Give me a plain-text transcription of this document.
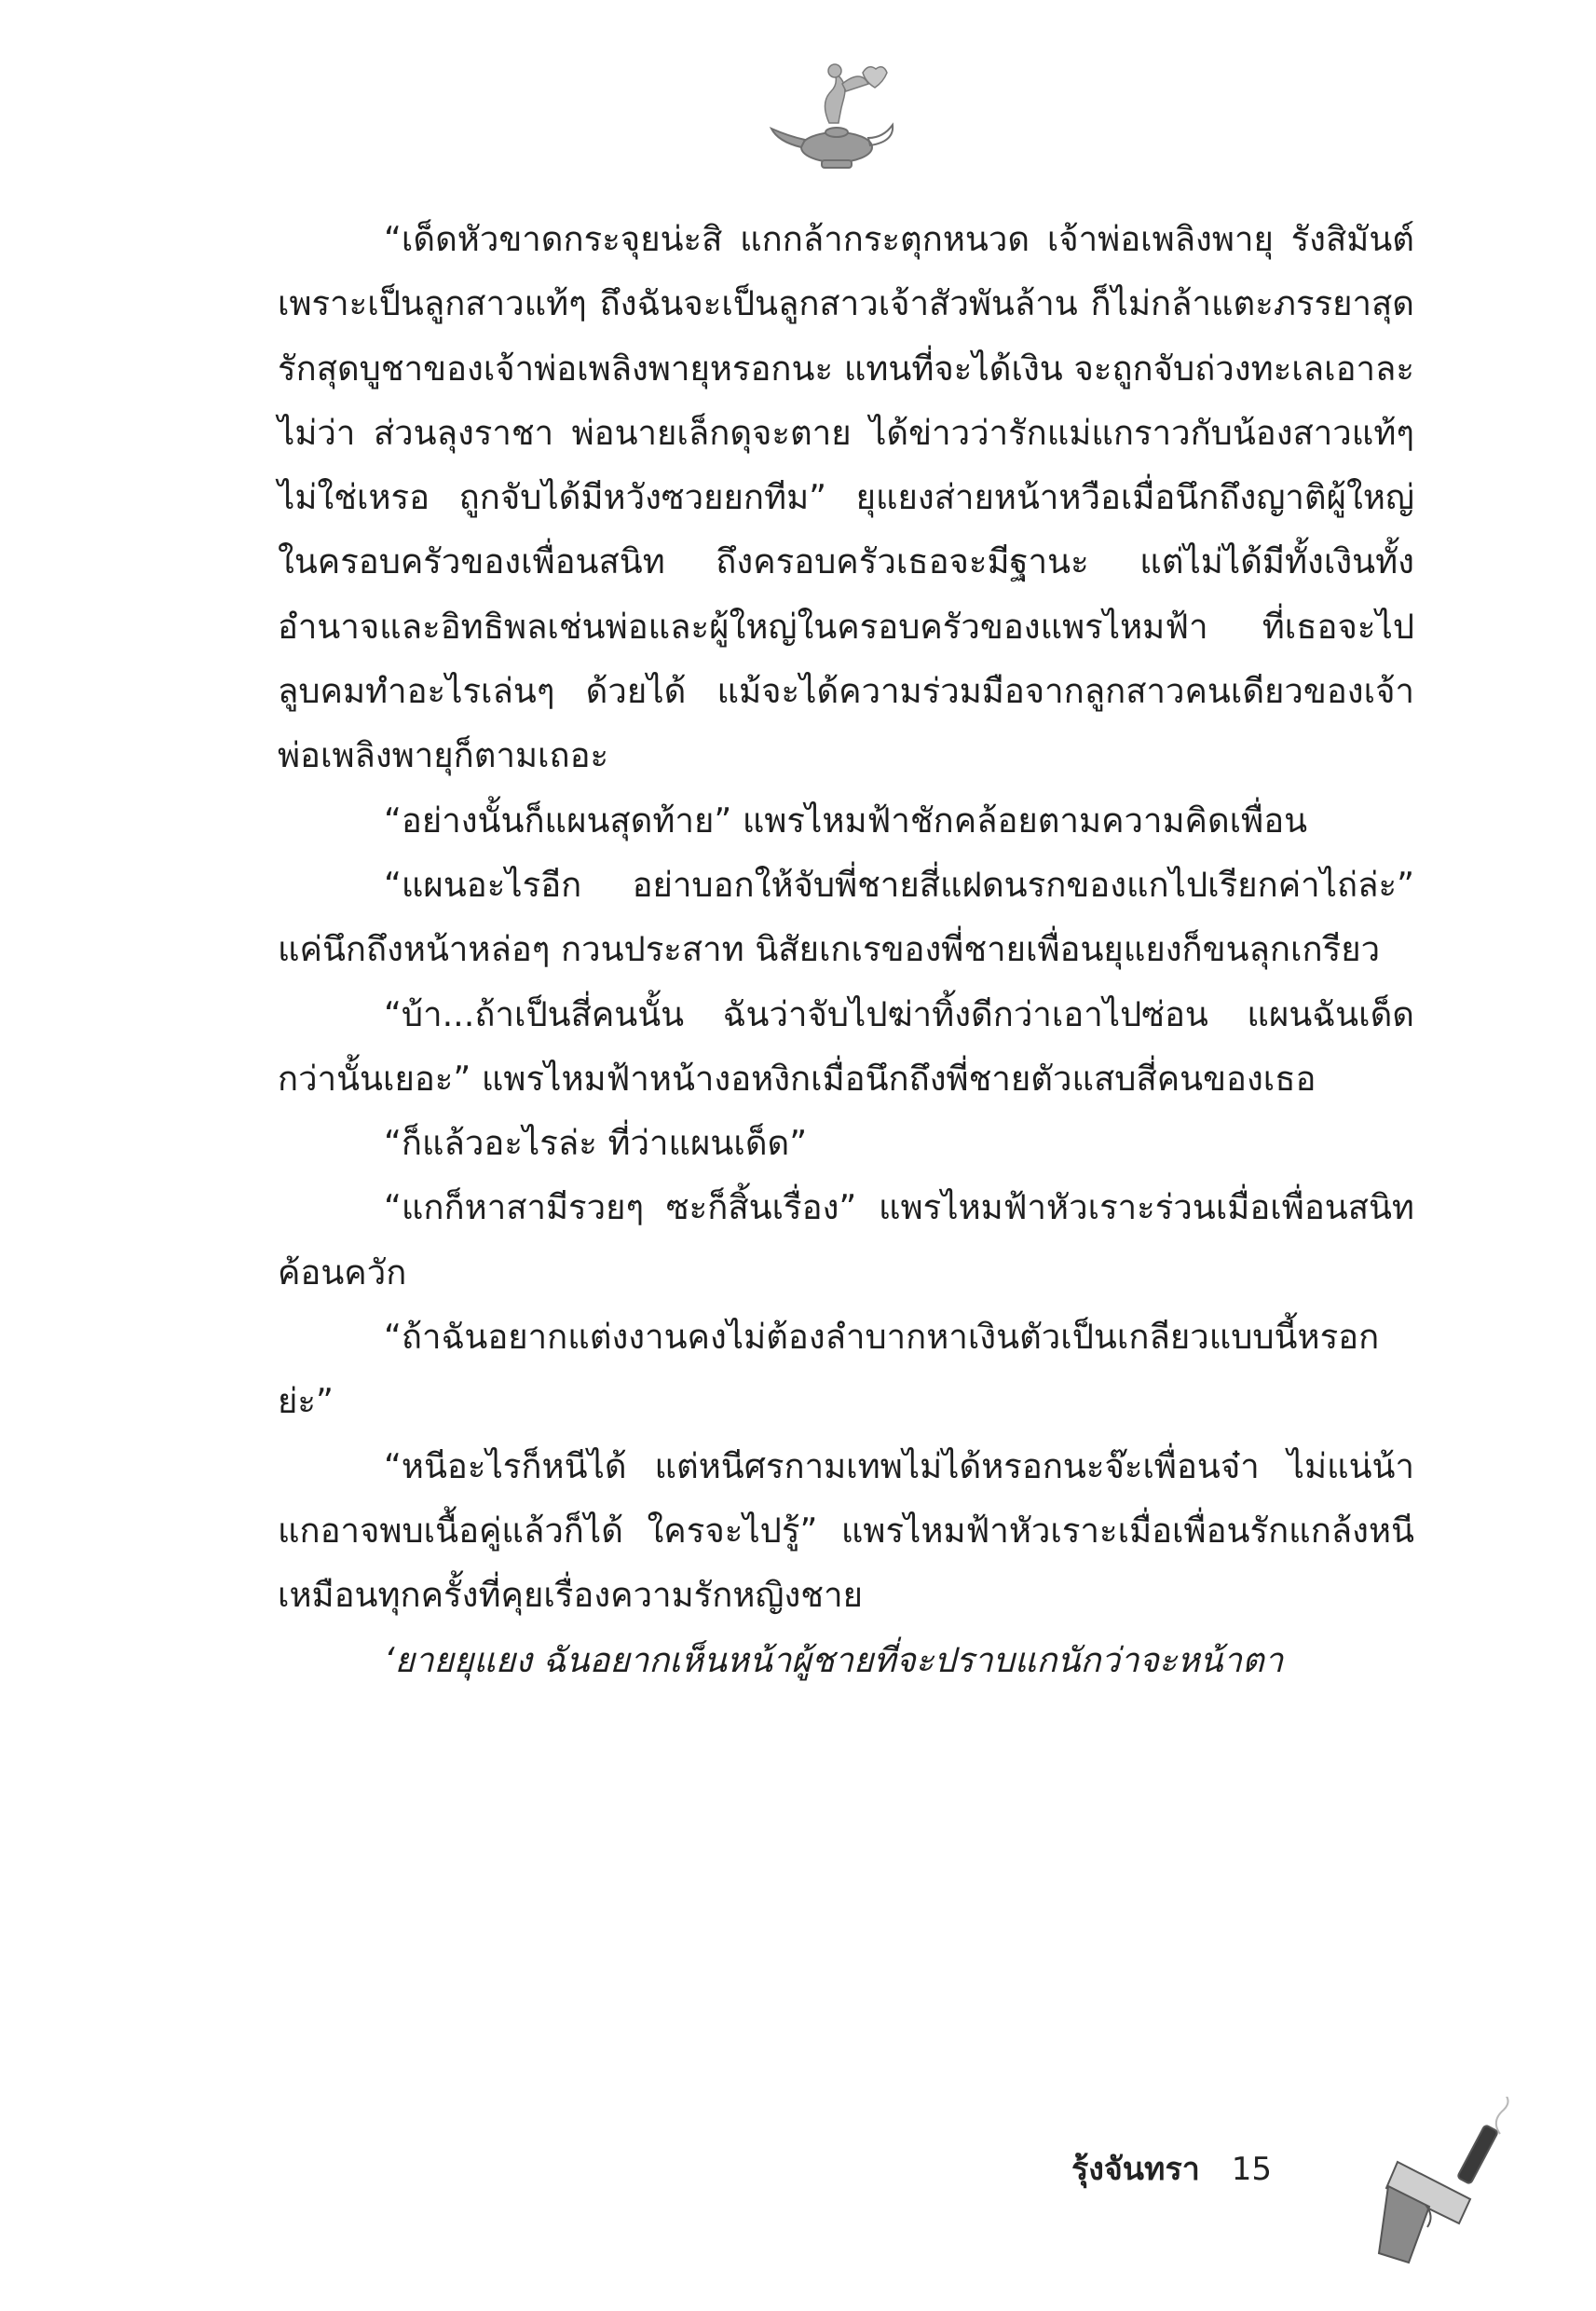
“เด็ดหัวขาดกระจุยน่ะสิ แกกล้ากระตุกหนวด เจ้าพ่อเพลิงพายุ รังสิมันต์ เพราะเป็นลูกสาวแท้ๆ ถึงฉันจะเป็นลูกสาวเจ้าสัวพันล้าน ก็ไม่กล้าแตะภรรยาสุดรักสุดบูชาของเจ้าพ่อเพลิงพายุหรอกนะ แทนที่จะได้เงิน จะถูกจับถ่วงทะเลเอาละไม่ว่า ส่วนลุงราชา พ่อนายเล็กดุจะตาย ได้ข่าวว่ารักแม่แกราวกับน้องสาวแท้ๆ ไม่ใช่เหรอ ถูกจับได้มีหวังซวยยกทีม” ยุแยงส่ายหน้าหวือเมื่อนึกถึงญาติผู้ใหญ่ในครอบครัวของเพื่อนสนิท ถึงครอบครัวเธอจะมีฐานะ แต่ไม่ได้มีทั้งเงินทั้งอำนาจและอิทธิพลเช่นพ่อและผู้ใหญ่ในครอบครัวของแพรไหมฟ้า ที่เธอจะไปลูบคมทำอะไรเล่นๆ ด้วยได้ แม้จะได้ความร่วมมือจากลูกสาวคนเดียวของเจ้าพ่อเพลิงพายุก็ตามเถอะ

“อย่างนั้นก็แผนสุดท้าย” แพรไหมฟ้าชักคล้อยตามความคิดเพื่อน

“แผนอะไรอีก อย่าบอกให้จับพี่ชายสี่แฝดนรกของแกไปเรียกค่าไถ่ล่ะ” แค่นึกถึงหน้าหล่อๆ กวนประสาท นิสัยเกเรของพี่ชายเพื่อนยุแยงก็ขนลุกเกรียว

“บ้า...ถ้าเป็นสี่คนนั้น ฉันว่าจับไปฆ่าทิ้งดีกว่าเอาไปซ่อน แผนฉันเด็ดกว่านั้นเยอะ” แพรไหมฟ้าหน้างอหงิกเมื่อนึกถึงพี่ชายตัวแสบสี่คนของเธอ

“ก็แล้วอะไรล่ะ ที่ว่าแผนเด็ด”

“แกก็หาสามีรวยๆ ซะก็สิ้นเรื่อง” แพรไหมฟ้าหัวเราะร่วนเมื่อเพื่อนสนิทค้อนควัก

“ถ้าฉันอยากแต่งงานคงไม่ต้องลำบากหาเงินตัวเป็นเกลียวแบบนี้หรอกย่ะ”

“หนีอะไรก็หนีได้ แต่หนีศรกามเทพไม่ได้หรอกนะจ๊ะเพื่อนจ๋า ไม่แน่น้า แกอาจพบเนื้อคู่แล้วก็ได้ ใครจะไปรู้” แพรไหมฟ้าหัวเราะเมื่อเพื่อนรักแกล้งหนีเหมือนทุกครั้งที่คุยเรื่องความรักหญิงชาย

‘ยายยุแยง ฉันอยากเห็นหน้าผู้ชายที่จะปราบแกนักว่าจะหน้าตา

รุ้งจันทรา 15
